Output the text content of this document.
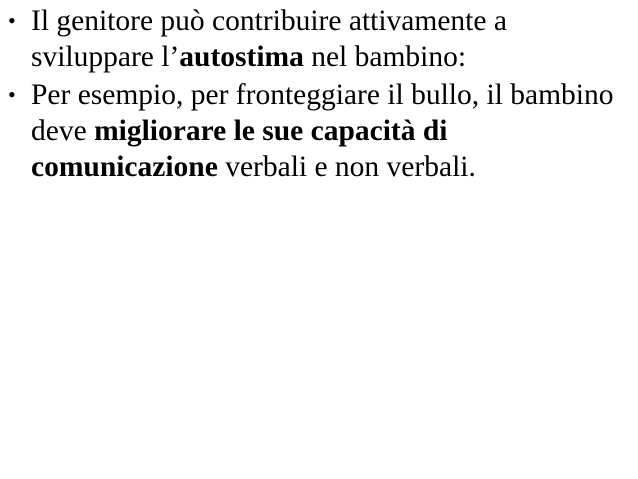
• Il genitore può contribuire attivamente a sviluppare l’autostima nel bambino:
• Per esempio, per fronteggiare il bullo, il bambino deve migliorare le sue capacità di comunicazione verbali e non verbali.
